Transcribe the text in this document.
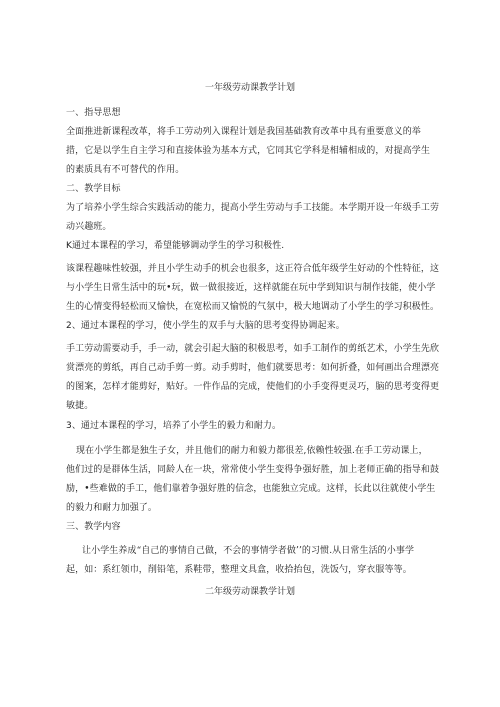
一年级劳动课教学计划
一、指导思想
全面推进新课程改革，将手工劳动列入课程计划是我国基础教育改革中具有重要意义的举
措，它是以学生自主学习和直接体验为基本方式，它同其它学科是相辅相成的，对提高学生
的素质具有不可替代的作用。
二、教学目标
为了培养小学生综合实践活动的能力，提高小学生劳动与手工技能。本学期开设一年级手工劳
动兴趣班。
K通过本课程的学习，希望能够调动学生的学习积极性.
该课程趣味性较强，并且小学生动手的机会也很多，这正符合低年级学生好动的个性特征，这
与小学生日常生活中的玩•玩，做一做很接近，这样就能在玩中学到知识与制作技能，使小学
生的心情变得轻松而又愉快，在宽松而又愉悦的气氛中，极大地调动了小学生的学习积极性。
2、通过本课程的学习，使小学生的双手与大脑的思考变得协调起来。
手工劳动需要动手，手一动，就会引起大脑的积极思考，如手工制作的剪纸艺术，小学生先欣
赏漂亮的剪纸，再自己动手剪一剪。动手剪时，他们就要思考：如何折叠，如何画出合理漂亮
的图案，怎样才能剪好，贴好。一件作品的完成，使他们的小手变得更灵巧，脑的思考变得更
敏捷。
3、通过本课程的学习，培养了小学生的毅力和耐力。
现在小学生都是独生子女，并且他们的耐力和毅力都很差,依赖性较强.在手工劳动课上，
他们过的是群体生活，同龄人在一块，常常使小学生变得争强好胜，加上老师正确的指导和鼓
励，•些难做的手工，他们靠着争强好胜的信念，也能独立完成。这样，长此以往就使小学生
的毅力和耐力加强了。
三、教学内容
让小学生养成“自己的事情自己做，不会的事情学者做’’的习惯.从日常生活的小事学
起，如：系红领巾，削铅笔，系鞋带，整理文具盒，收拾抬包，洗饭勺，穿衣服等等。
二年级劳动课教学计划
